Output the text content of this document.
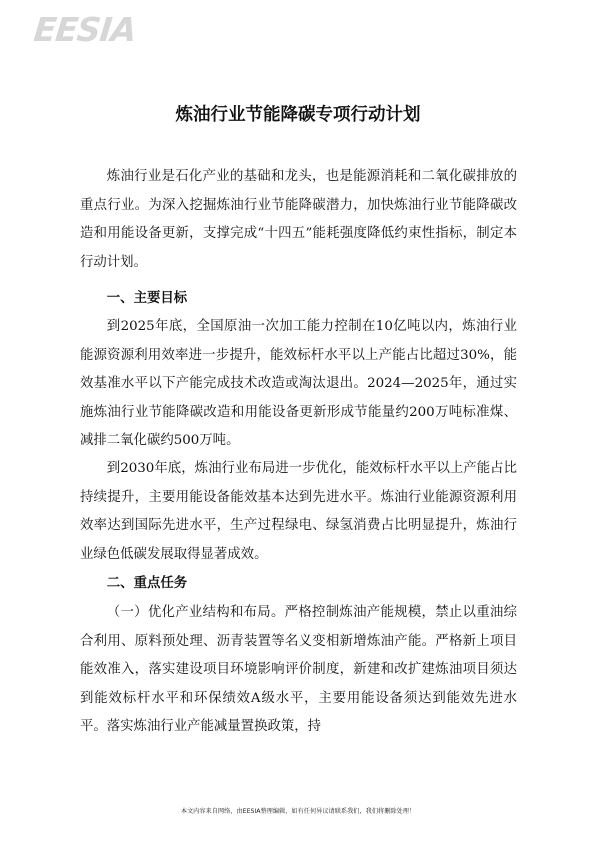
EESIA
炼油行业节能降碳专项行动计划

炼油行业是石化产业的基础和龙头，也是能源消耗和二氧化碳排放的重点行业。为深入挖掘炼油行业节能降碳潜力，加快炼油行业节能降碳改造和用能设备更新，支撑完成“十四五”能耗强度降低约束性指标，制定本行动计划。

一、主要目标

到2025年底，全国原油一次加工能力控制在10亿吨以内，炼油行业能源资源利用效率进一步提升，能效标杆水平以上产能占比超过30%，能效基准水平以下产能完成技术改造或淘汰退出。2024—2025年，通过实施炼油行业节能降碳改造和用能设备更新形成节能量约200万吨标准煤、减排二氧化碳约500万吨。

到2030年底，炼油行业布局进一步优化，能效标杆水平以上产能占比持续提升，主要用能设备能效基本达到先进水平。炼油行业能源资源利用效率达到国际先进水平，生产过程绿电、绿氢消费占比明显提升，炼油行业绿色低碳发展取得显著成效。

二、重点任务

（一）优化产业结构和布局。严格控制炼油产能规模，禁止以重油综合利用、原料预处理、沥青装置等名义变相新增炼油产能。严格新上项目能效准入，落实建设项目环境影响评价制度，新建和改扩建炼油项目须达到能效标杆水平和环保绩效A级水平，主要用能设备须达到能效先进水平。落实炼油行业产能减量置换政策，持

本文内容来自网络，由EESIA整理编辑，如有任何异议请联系我们，我们将删除处理！
